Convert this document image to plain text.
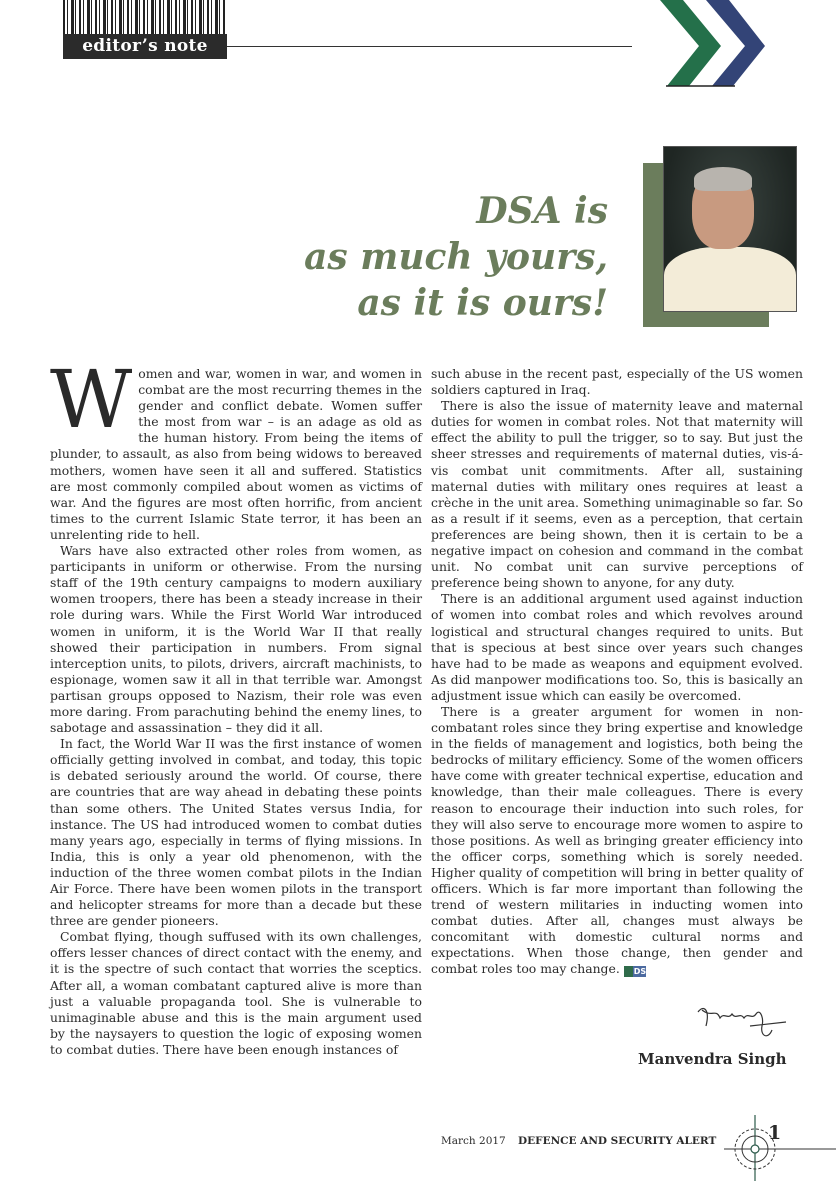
editor’s note
DSA is
as much yours,
as it is ours!

Women and war, women in war, and women in combat are the most recurring themes in the gender and conflict debate. Women suffer the most from war – is an adage as old as the human history. From being the items of plunder, to assault, as also from being widows to bereaved mothers, women have seen it all and suffered. Statistics are most commonly compiled about women as victims of war. And the figures are most often horrific, from ancient times to the current Islamic State terror, it has been an unrelenting ride to hell.

Wars have also extracted other roles from women, as participants in uniform or otherwise. From the nursing staff of the 19th century campaigns to modern auxiliary women troopers, there has been a steady increase in their role during wars. While the First World War introduced women in uniform, it is the World War II that really showed their participation in numbers. From signal interception units, to pilots, drivers, aircraft machinists, to espionage, women saw it all in that terrible war. Amongst partisan groups opposed to Nazism, their role was even more daring. From parachuting behind the enemy lines, to sabotage and assassination – they did it all.

In fact, the World War II was the first instance of women officially getting involved in combat, and today, this topic is debated seriously around the world. Of course, there are countries that are way ahead in debating these points than some others. The United States versus India, for instance. The US had introduced women to combat duties many years ago, especially in terms of flying missions. In India, this is only a year old phenomenon, with the induction of the three women combat pilots in the Indian Air Force. There have been women pilots in the transport and helicopter streams for more than a decade but these three are gender pioneers.

Combat flying, though suffused with its own challenges, offers lesser chances of direct contact with the enemy, and it is the spectre of such contact that worries the sceptics. After all, a woman combatant captured alive is more than just a valuable propaganda tool. She is vulnerable to unimaginable abuse and this is the main argument used by the naysayers to question the logic of exposing women to combat duties. There have been enough instances of

such abuse in the recent past, especially of the US women soldiers captured in Iraq.

There is also the issue of maternity leave and maternal duties for women in combat roles. Not that maternity will effect the ability to pull the trigger, so to say. But just the sheer stresses and requirements of maternal duties, vis-á-vis combat unit commitments. After all, sustaining maternal duties with military ones requires at least a crèche in the unit area. Something unimaginable so far. So as a result if it seems, even as a perception, that certain preferences are being shown, then it is certain to be a negative impact on cohesion and command in the combat unit. No combat unit can survive perceptions of preference being shown to anyone, for any duty.

There is an additional argument used against induction of women into combat roles and which revolves around logistical and structural changes required to units. But that is specious at best since over years such changes have had to be made as weapons and equipment evolved. As did manpower modifications too. So, this is basically an adjustment issue which can easily be overcomed.

There is a greater argument for women in non-combatant roles since they bring expertise and knowledge in the fields of management and logistics, both being the bedrocks of military efficiency. Some of the women officers have come with greater technical expertise, education and knowledge, than their male colleagues. There is every reason to encourage their induction into such roles, for they will also serve to encourage more women to aspire to those positions. As well as bringing greater efficiency into the officer corps, something which is sorely needed. Higher quality of competition will bring in better quality of officers. Which is far more important than following the trend of western militaries in inducting women into combat duties. After all, changes must always be concomitant with domestic cultural norms and expectations. When those change, then gender and combat roles too may change. DSA

Manvendra Singh
March 2017 DEFENCE AND SECURITY ALERT	1
